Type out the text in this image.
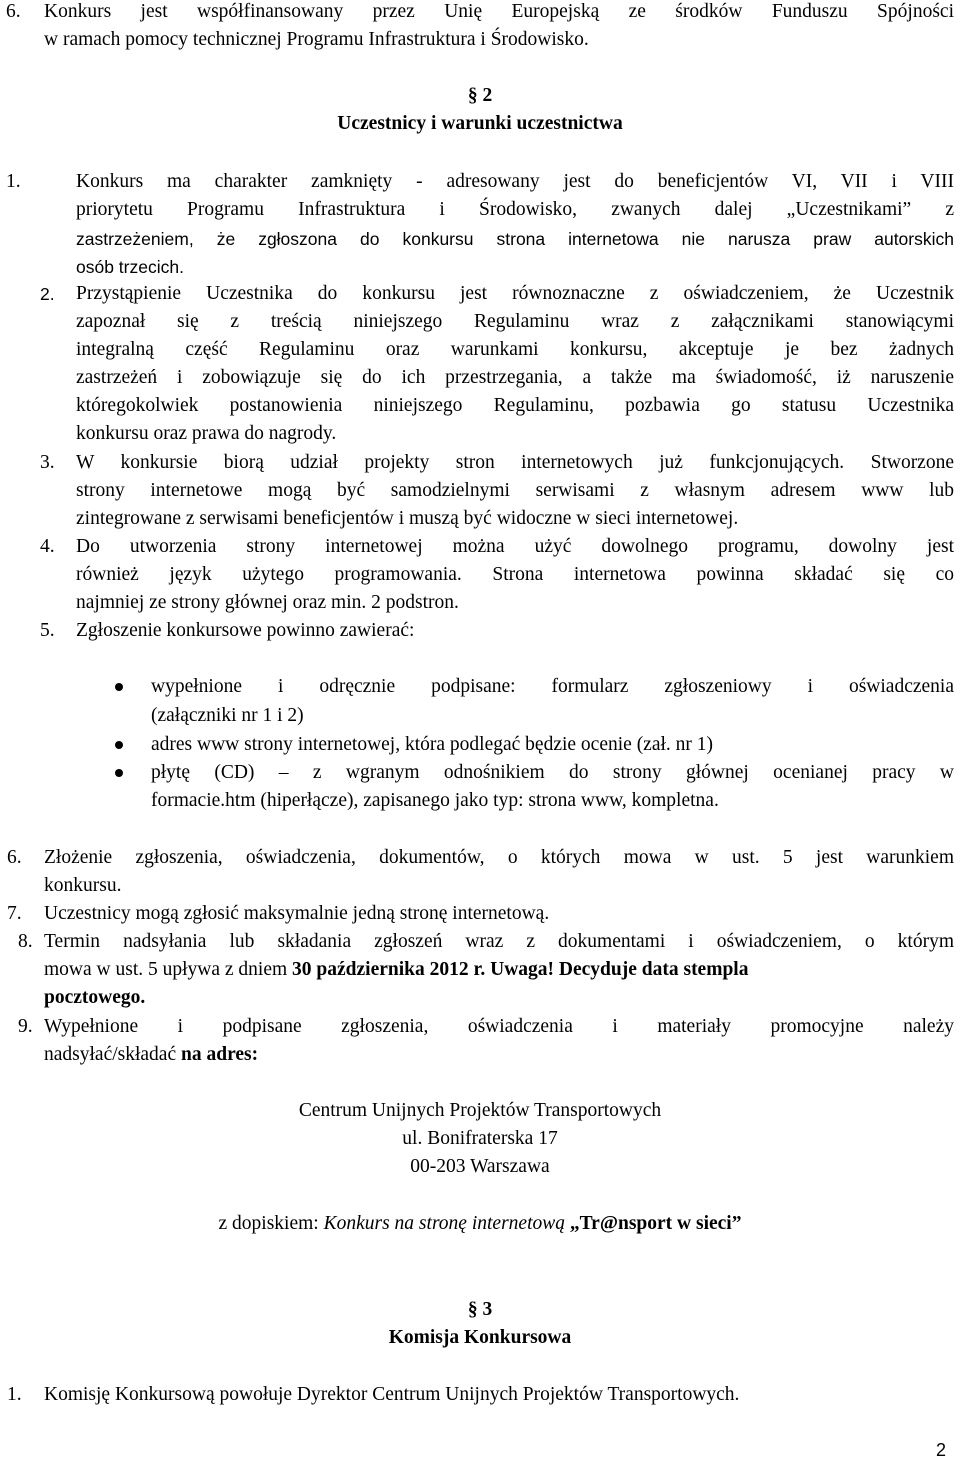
6. Konkurs jest współfinansowany przez Unię Europejską ze środków Funduszu Spójności
w ramach pomocy technicznej Programu Infrastruktura i Środowisko.
§ 2
Uczestnicy i warunki uczestnictwa
1.	Konkurs ma charakter zamknięty - adresowany jest do beneficjentów VI, VII i VIII
priorytetu Programu Infrastruktura i Środowisko, zwanych dalej „Uczestnikami” z
zastrzeżeniem, że zgłoszona do konkursu strona internetowa nie narusza praw autorskich
osób trzecich.
2. Przystąpienie Uczestnika do konkursu jest równoznaczne z oświadczeniem, że Uczestnik
zapoznał się z treścią niniejszego Regulaminu wraz z załącznikami stanowiącymi
integralną część Regulaminu oraz warunkami konkursu, akceptuje je bez żadnych
zastrzeżeń i zobowiązuje się do ich przestrzegania, a także ma świadomość, iż naruszenie
któregokolwiek postanowienia niniejszego Regulaminu, pozbawia go statusu Uczestnika
konkursu oraz prawa do nagrody.
3. W konkursie biorą udział projekty stron internetowych już funkcjonujących. Stworzone
strony internetowe mogą być samodzielnymi serwisami z własnym adresem www lub
zintegrowane z serwisami beneficjentów i muszą być widoczne w sieci internetowej.
4. Do utworzenia strony internetowej można użyć dowolnego programu, dowolny jest
również język użytego programowania. Strona internetowa powinna składać się co
najmniej ze strony głównej oraz min. 2 podstron.
5. Zgłoszenie konkursowe powinno zawierać:
wypełnione i odręcznie podpisane: formularz zgłoszeniowy i oświadczenia
(załączniki nr 1 i 2)
adres www strony internetowej, która podlegać będzie ocenie (zał. nr 1)
płytę (CD) – z wgranym odnośnikiem do strony głównej ocenianej pracy w
formacie.htm (hiperłącze), zapisanego jako typ: strona www, kompletna.
6. Złożenie zgłoszenia, oświadczenia, dokumentów, o których mowa w ust. 5 jest warunkiem
konkursu.
7. Uczestnicy mogą zgłosić maksymalnie jedną stronę internetową.
8. Termin nadsyłania lub składania zgłoszeń wraz z dokumentami i oświadczeniem, o którym
mowa w ust. 5 upływa z dniem 30 października 2012 r. Uwaga! Decyduje data stempla
pocztowego.
9. Wypełnione i podpisane zgłoszenia, oświadczenia i materiały promocyjne należy
nadsyłać/składać na adres:
Centrum Unijnych Projektów Transportowych
ul. Bonifraterska 17
00-203 Warszawa
z dopiskiem: Konkurs na stronę internetową „Tr@nsport w sieci”
§ 3
Komisja Konkursowa
1. Komisję Konkursową powołuje Dyrektor Centrum Unijnych Projektów Transportowych.
2
